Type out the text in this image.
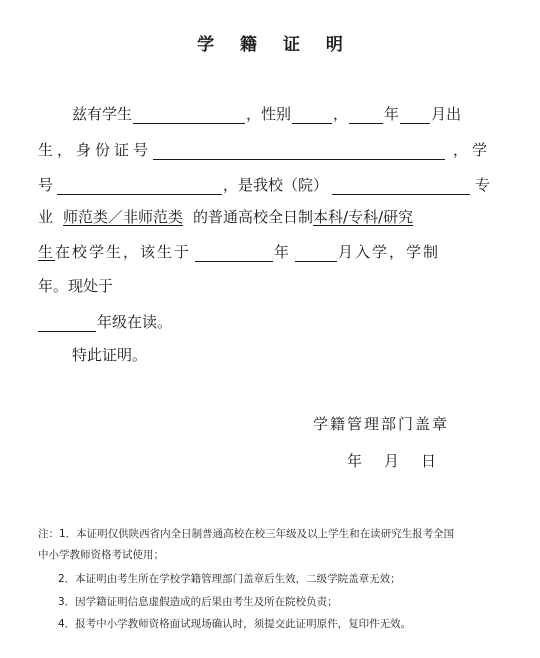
学 籍 证 明
兹有学生	，性别	， 年 月出
生，身份证号	，学
号	，是我校（院）	专
业 师范类／非师范类 的普通高校全日制 本科/专科/研究
生 在校学生，该生于	年	月入学，学制
年。现处于
年级在读。
特此证明。
学籍管理部门盖章
年 月 日
注：1．本证明仅供陕西省内全日制普通高校在校三年级及以上学生和在读研究生报考全国
中小学教师资格考试使用；
2．本证明由考生所在学校学籍管理部门盖章后生效，二级学院盖章无效；
3．因学籍证明信息虚假造成的后果由考生及所在院校负责；
4．报考中小学教师资格面试现场确认时，须提交此证明原件，复印件无效。
